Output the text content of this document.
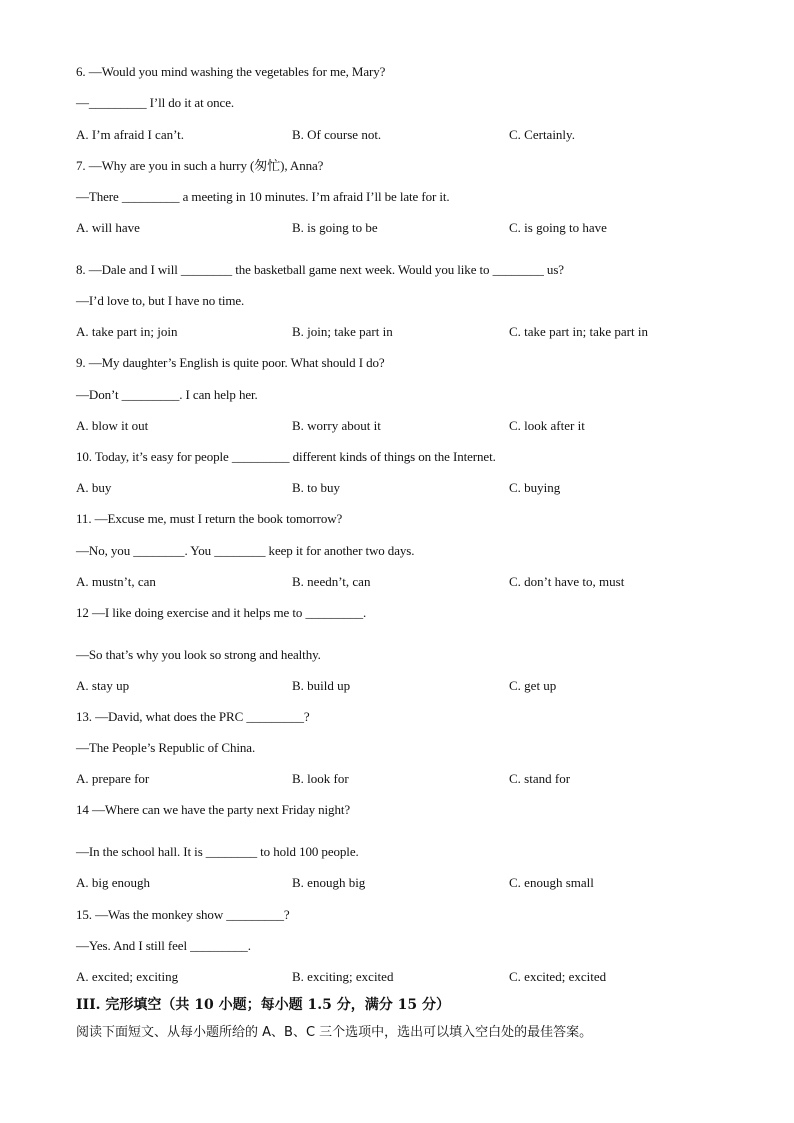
6. —Would you mind washing the vegetables for me, Mary?
—_________ I’ll do it at once.
A. I’m afraid I can’t.	B. Of course not.	C. Certainly.
7. —Why are you in such a hurry (匆忙), Anna?
—There _________ a meeting in 10 minutes. I’m afraid I’ll be late for it.
A. will have	B. is going to be	C. is going to have
8. —Dale and I will ________ the basketball game next week. Would you like to ________ us?
—I’d love to, but I have no time.
A. take part in; join	B. join; take part in	C. take part in; take part in
9. —My daughter’s English is quite poor. What should I do?
—Don’t _________. I can help her.
A. blow it out	B. worry about it	C. look after it
10. Today, it’s easy for people _________ different kinds of things on the Internet.
A. buy	B. to buy	C. buying
11. —Excuse me, must I return the book tomorrow?
—No, you ________. You ________ keep it for another two days.
A. mustn’t, can	B. needn’t, can	C. don’t have to, must
12 —I like doing exercise and it helps me to _________.
—So that’s why you look so strong and healthy.
A. stay up	B. build up	C. get up
13. —David, what does the PRC _________?
—The People’s Republic of China.
A. prepare for	B. look for	C. stand for
14 —Where can we have the party next Friday night?
—In the school hall. It is ________ to hold 100 people.
A. big enough	B. enough big	C. enough small
15. —Was the monkey show _________?
—Yes. And I still feel _________.
A. excited; exciting	B. exciting; excited	C. excited; excited
III. 完形填空（共 10 小题；每小题 1.5 分，满分 15 分）
阅读下面短文、从每小题所给的 A、B、C 三个选项中，选出可以填入空白处的最佳答案。
